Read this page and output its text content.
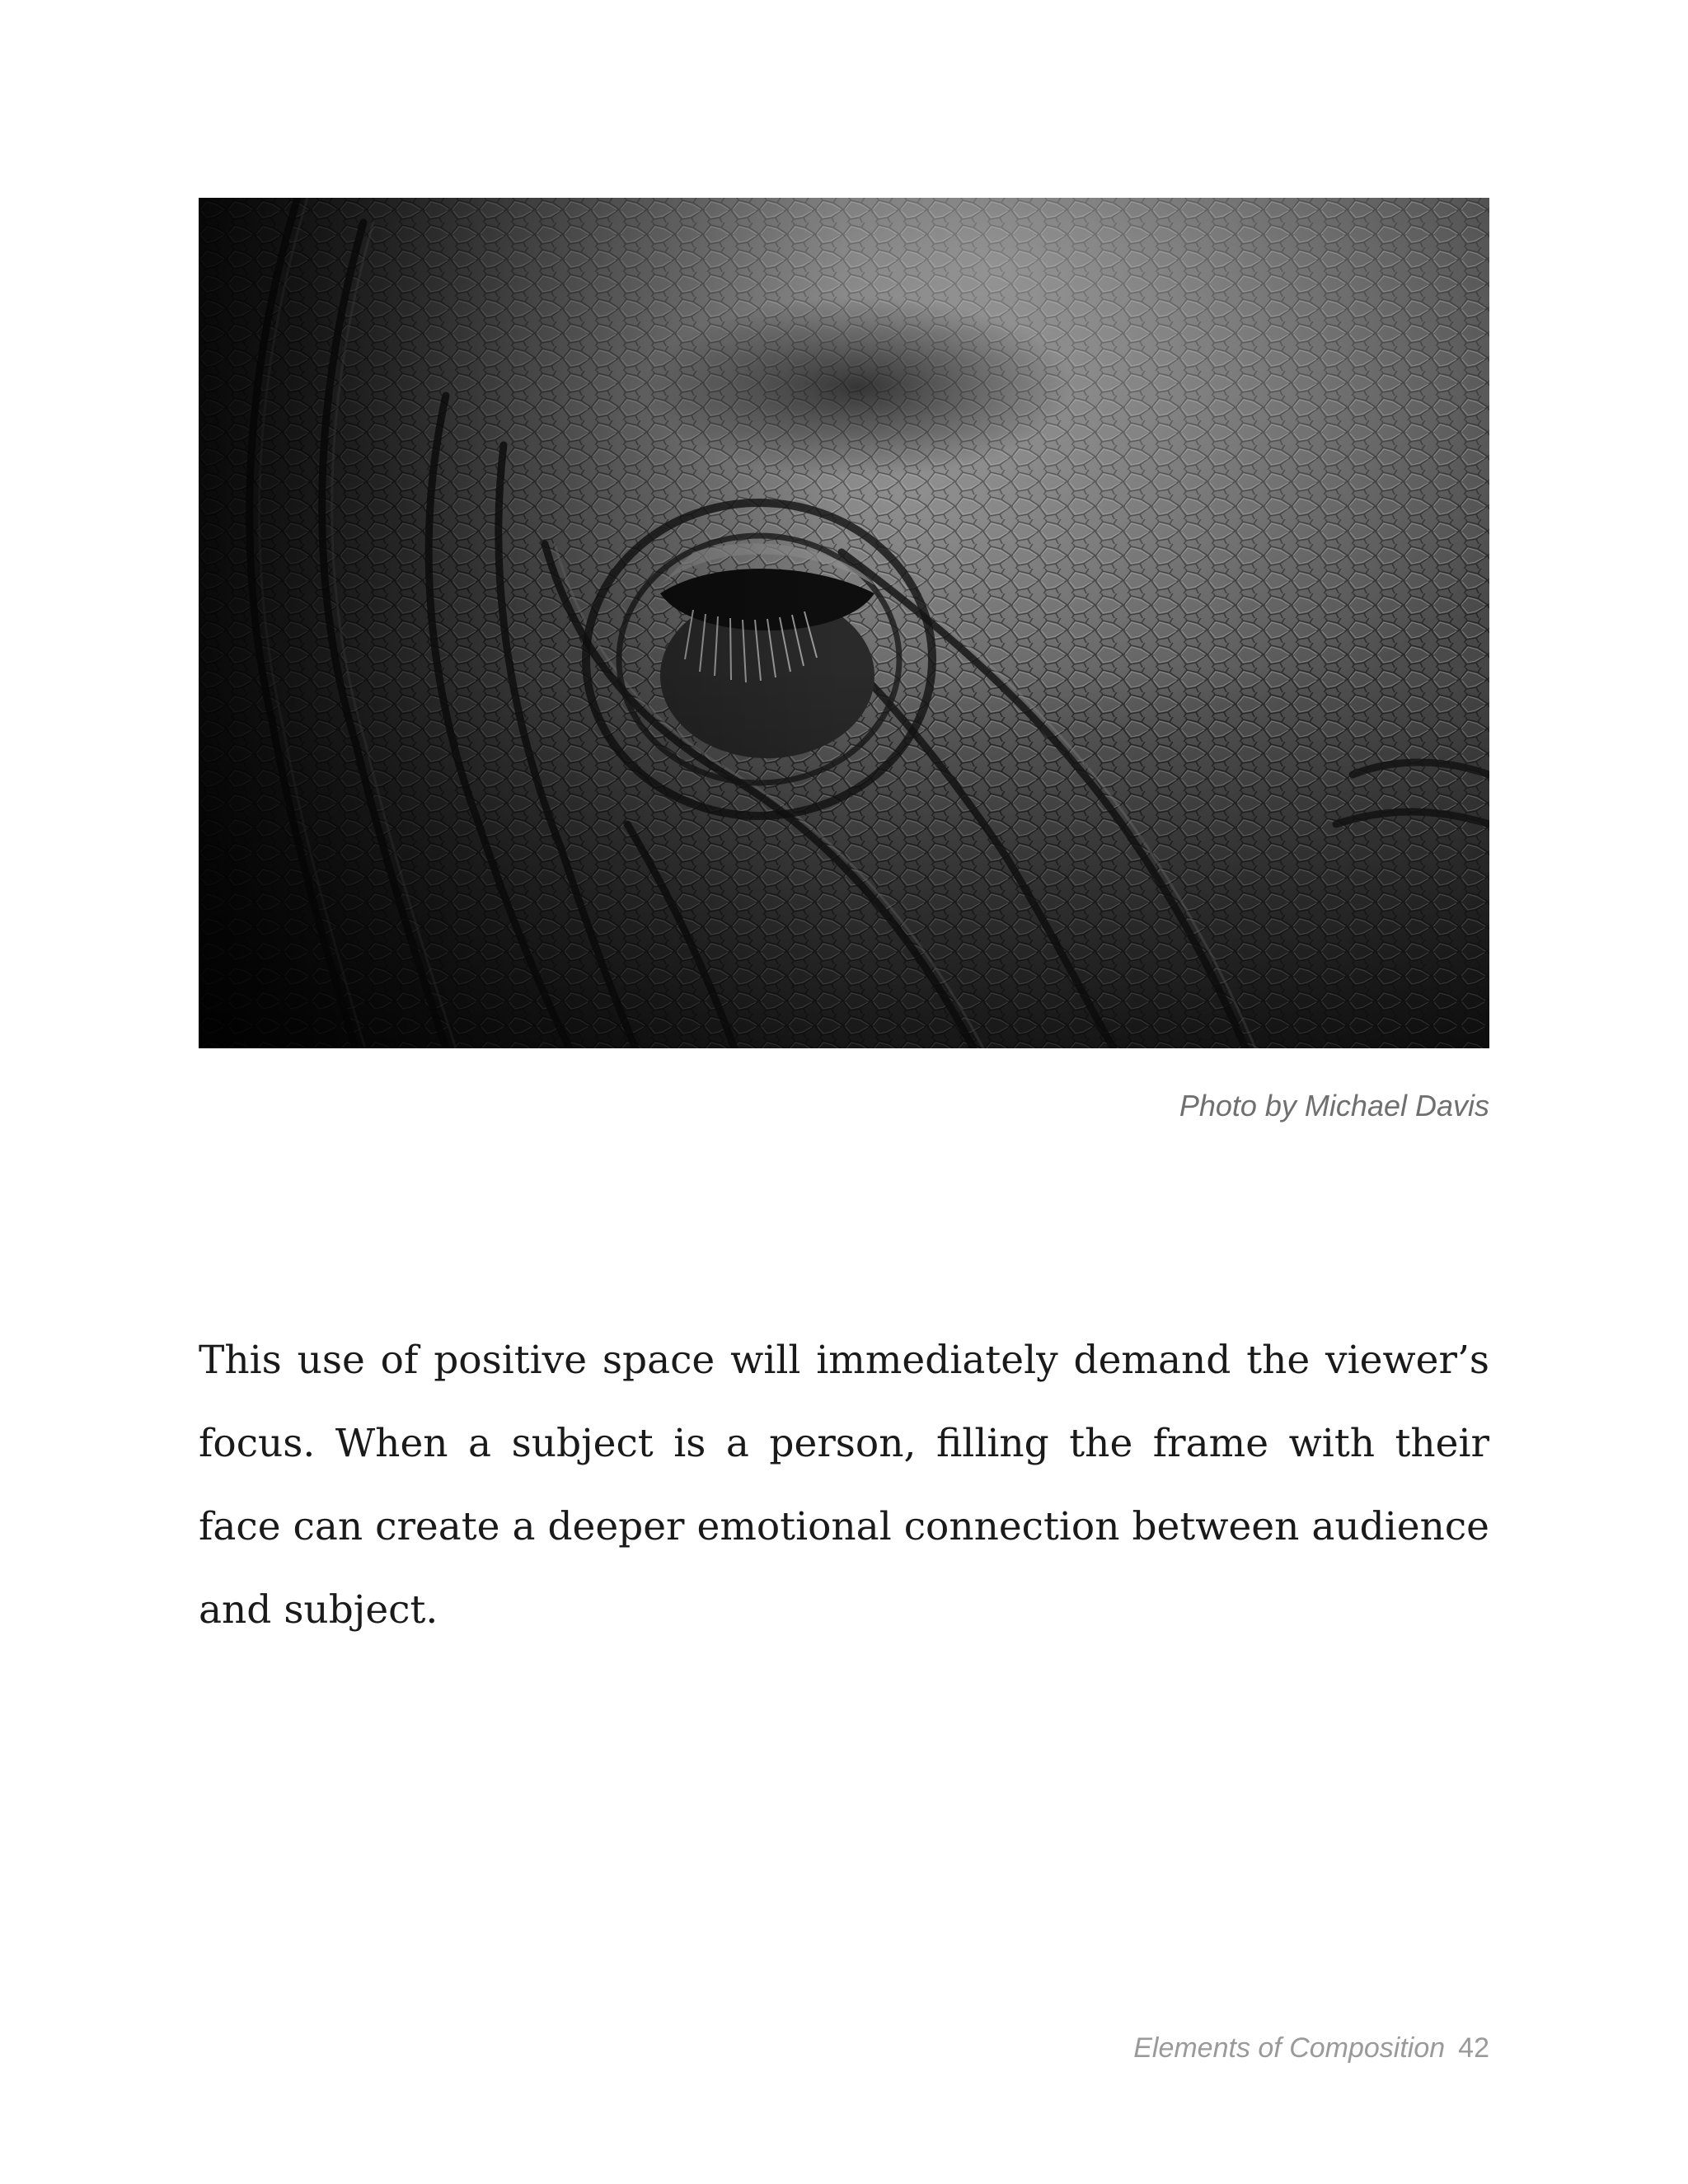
Photo by Michael Davis

This use of positive space will immediately demand the viewer’s focus. When a subject is a person, filling the frame with their face can create a deeper emotional connection between audience and subject.

Elements of Composition 42
